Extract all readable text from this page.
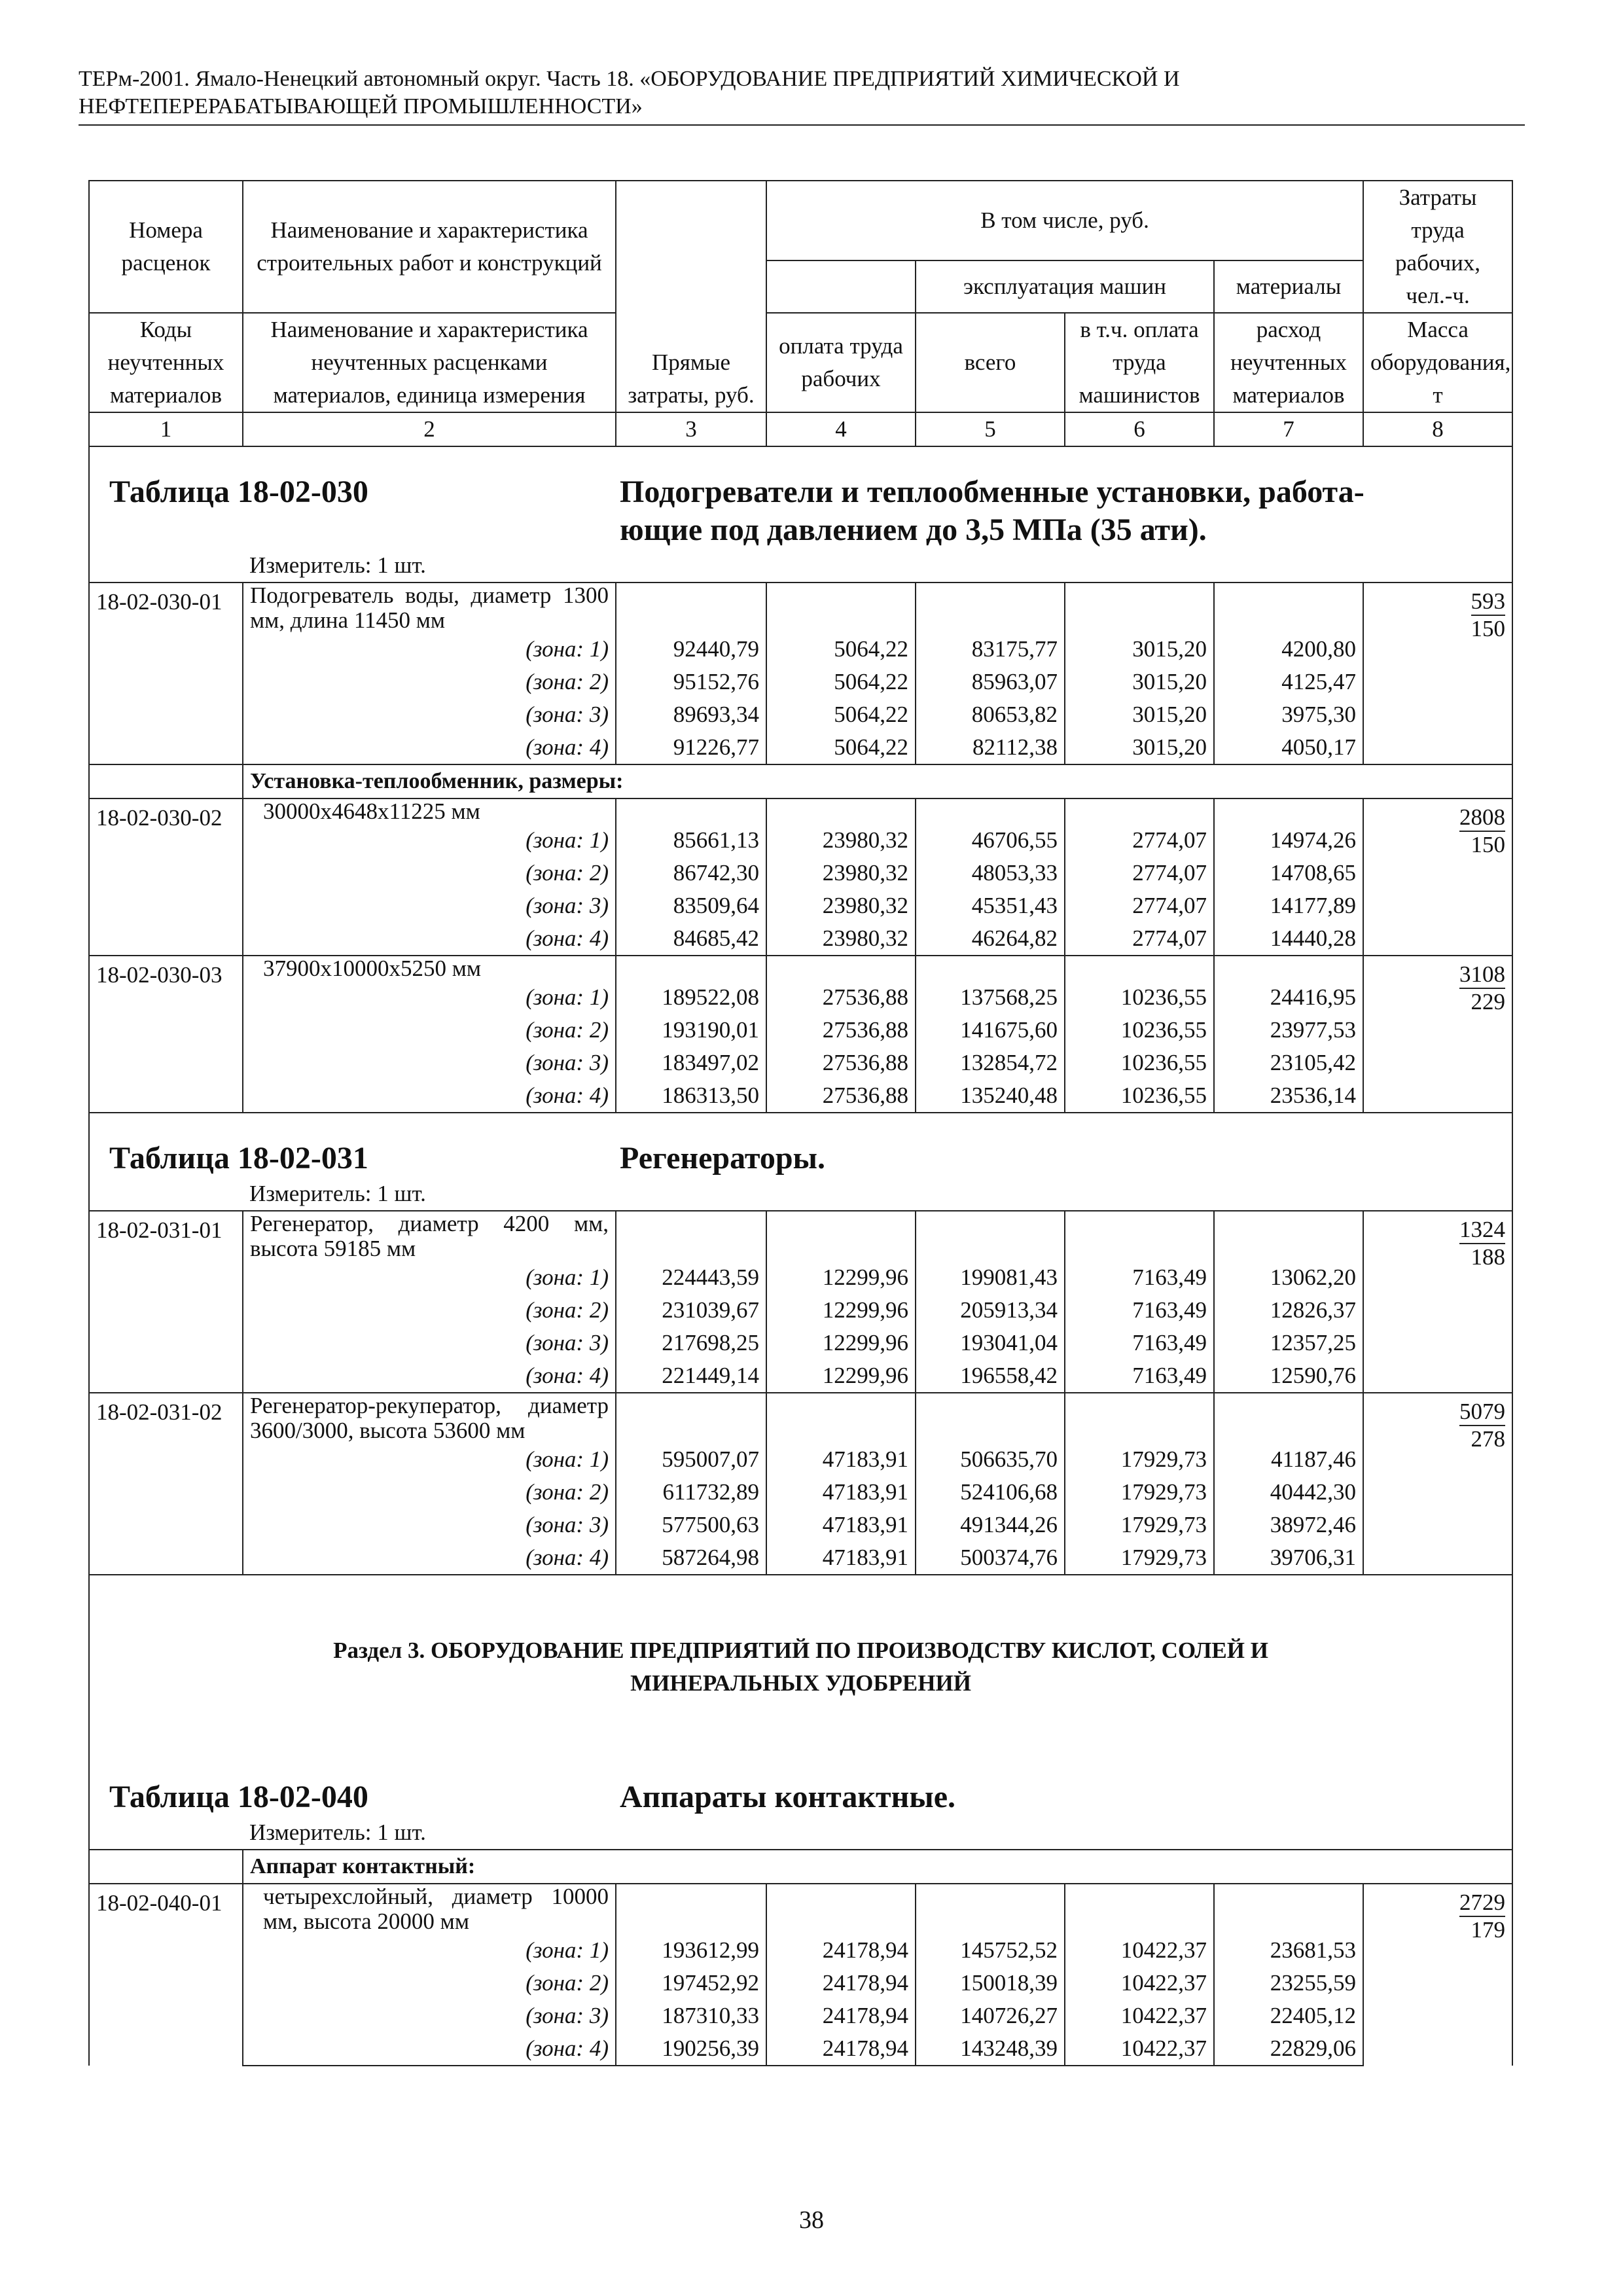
ТЕРм-2001. Ямало-Ненецкий автономный округ. Часть 18. «ОБОРУДОВАНИЕ ПРЕДПРИЯТИЙ ХИМИЧЕСКОЙ И
НЕФТЕПЕРЕРАБАТЫВАЮЩЕЙ ПРОМЫШЛЕННОСТИ»
Номера расценок	Наименование и характеристика строительных работ и конструкций	Прямые затраты, руб.	В том числе, руб.				Затраты труда рабочих, чел.-ч.
				эксплуатация машин		материалы	
Коды неучтенных материалов	Наименование и характеристика неучтенных расценками материалов, единица измерения		оплата труда рабочих	всего	в т.ч. оплата труда машинистов	расход неучтенных материалов	Масса оборудования, т
1	2	3	4	5	6	7	8

Таблица 18-02-030 Подогреватели и теплообменные установки, работа-
ющие под давлением до 3,5 МПа (35 ати).							

	Измеритель: 1 шт.						
18-02-030-01	Подогреватель воды, диаметр 1300 мм, длина 11450 мм						$\frac{593}{150}$

	(зона: 1)	92440,79	5064,22	83175,77	3015,20	4200,80	
	(зона: 2)	95152,76	5064,22	85963,07	3015,20	4125,47	
	(зона: 3)	89693,34	5064,22	80653,82	3015,20	3975,30	
	(зона: 4)	91226,77	5064,22	82112,38	3015,20	4050,17	
	Установка-теплообменник, размеры:						
18-02-030-02	30000х4648х11225 мм						$\frac{2808}{150}$

	(зона: 1)	85661,13	23980,32	46706,55	2774,07	14974,26	
	(зона: 2)	86742,30	23980,32	48053,33	2774,07	14708,65	
	(зона: 3)	83509,64	23980,32	45351,43	2774,07	14177,89	
	(зона: 4)	84685,42	23980,32	46264,82	2774,07	14440,28	
18-02-030-03	37900х10000х5250 мм						$\frac{3108}{229}$

	(зона: 1)	189522,08	27536,88	137568,25	10236,55	24416,95	
	(зона: 2)	193190,01	27536,88	141675,60	10236,55	23977,53	
	(зона: 3)	183497,02	27536,88	132854,72	10236,55	23105,42	
	(зона: 4)	186313,50	27536,88	135240,48	10236,55	23536,14	

Таблица 18-02-031 Регенераторы.							

	Измеритель: 1 шт.						
18-02-031-01	Регенератор, диаметр 4200 мм, высота 59185 мм						$\frac{1324}{188}$

	(зона: 1)	224443,59	12299,96	199081,43	7163,49	13062,20	
	(зона: 2)	231039,67	12299,96	205913,34	7163,49	12826,37	
	(зона: 3)	217698,25	12299,96	193041,04	7163,49	12357,25	
	(зона: 4)	221449,14	12299,96	196558,42	7163,49	12590,76	
18-02-031-02	Регенератор-рекуператор, диаметр 3600/3000, высота 53600 мм						$\frac{5079}{278}$

	(зона: 1)	595007,07	47183,91	506635,70	17929,73	41187,46	
	(зона: 2)	611732,89	47183,91	524106,68	17929,73	40442,30	
	(зона: 3)	577500,63	47183,91	491344,26	17929,73	38972,46	
	(зона: 4)	587264,98	47183,91	500374,76	17929,73	39706,31	

Раздел 3. ОБОРУДОВАНИЕ ПРЕДПРИЯТИЙ ПО ПРОИЗВОДСТВУ КИСЛОТ, СОЛЕЙ И
МИНЕРАЛЬНЫХ УДОБРЕНИЙ							

Таблица 18-02-040 Аппараты контактные.							

	Измеритель: 1 шт.						
	Аппарат контактный:						
18-02-040-01	четырехслойный, диаметр 10000 мм, высота 20000 мм						$\frac{2729}{179}$

	(зона: 1)	193612,99	24178,94	145752,52	10422,37	23681,53	
	(зона: 2)	197452,92	24178,94	150018,39	10422,37	23255,59	
	(зона: 3)	187310,33	24178,94	140726,27	10422,37	22405,12	
	(зона: 4)	190256,39	24178,94	143248,39	10422,37	22829,06	
38
